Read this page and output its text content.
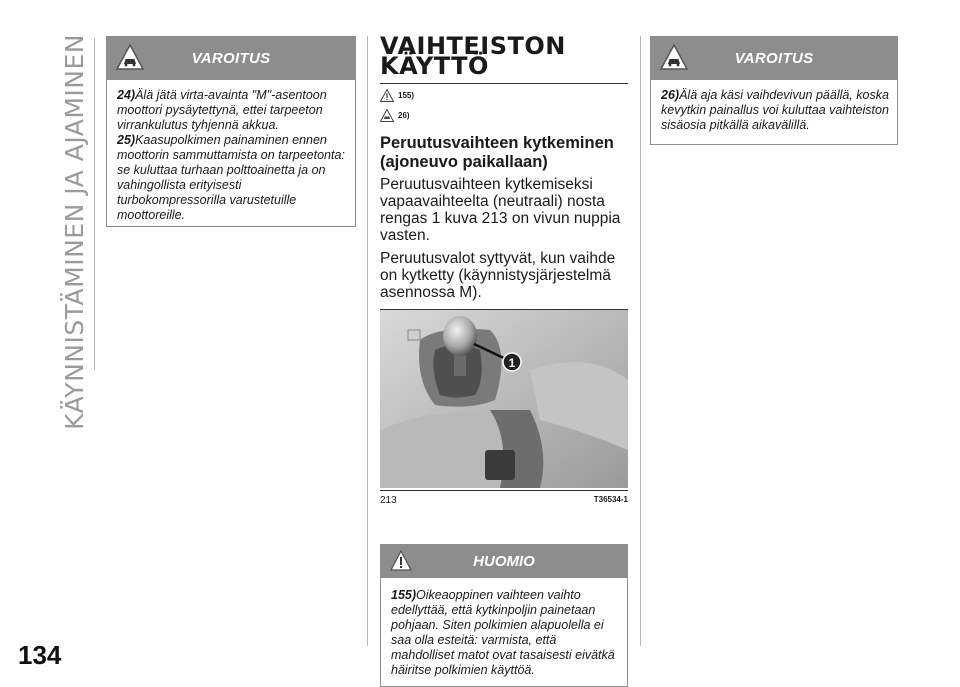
KÄYNNISTÄMINEN JA AJAMINEN
134
VAROITUS

24)Älä jätä virta-avainta "M"-asentoon moottori pysäytettynä, ettei tarpeeton virrankulutus tyhjennä akkua.

25)Kaasupolkimen painaminen ennen moottorin sammuttamista on tarpeetonta: se kuluttaa turhaan polttoainetta ja on vahingollista erityisesti turbokompressorilla varustetuille moottoreille.

VAIHTEISTON
KÄYTTÖ
155)
26)
Peruutusvaihteen kytkeminen (ajoneuvo paikallaan)

Peruutusvaihteen kytkemiseksi vapaavaihteelta (neutraali) nosta rengas 1 kuva 213 on vivun nuppia vasten.

Peruutusvalot syttyvät, kun vaihde on kytketty (käynnistysjärjestelmä asennossa M).

1
213	T36534-1
HUOMIO

155)Oikeaoppinen vaihteen vaihto edellyttää, että kytkinpoljin painetaan pohjaan. Siten polkimien alapuolella ei saa olla esteitä: varmista, että mahdolliset matot ovat tasaisesti eivätkä häiritse polkimien käyttöä.

VAROITUS

26)Älä aja käsi vaihdevivun päällä, koska kevytkin painallus voi kuluttaa vaihteiston sisäosia pitkällä aikavälillä.
